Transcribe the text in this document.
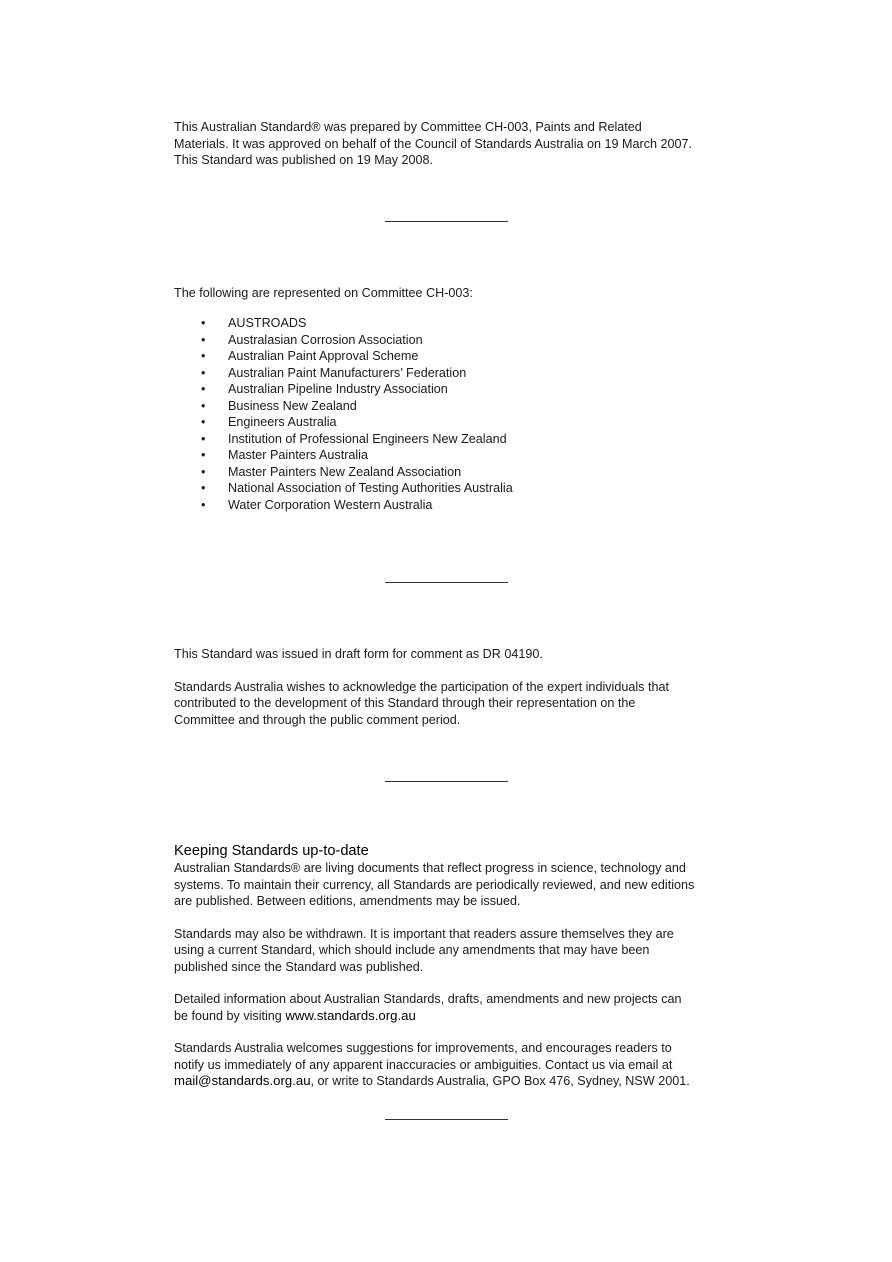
This Australian Standard® was prepared by Committee CH-003, Paints and Related

Materials. It was approved on behalf of the Council of Standards Australia on 19 March 2007.

This Standard was published on 19 May 2008.

The following are represented on Committee CH-003:

• AUSTROADS
• Australasian Corrosion Association
• Australian Paint Approval Scheme
• Australian Paint Manufacturers’ Federation
• Australian Pipeline Industry Association
• Business New Zealand
• Engineers Australia
• Institution of Professional Engineers New Zealand
• Master Painters Australia
• Master Painters New Zealand Association
• National Association of Testing Authorities Australia
• Water Corporation Western Australia

This Standard was issued in draft form for comment as DR 04190.

Standards Australia wishes to acknowledge the participation of the expert individuals that

contributed to the development of this Standard through their representation on the

Committee and through the public comment period.

Keeping Standards up-to-date

Australian Standards® are living documents that reflect progress in science, technology and

systems. To maintain their currency, all Standards are periodically reviewed, and new editions

are published. Between editions, amendments may be issued.

Standards may also be withdrawn. It is important that readers assure themselves they are

using a current Standard, which should include any amendments that may have been

published since the Standard was published.

Detailed information about Australian Standards, drafts, amendments and new projects can

be found by visiting www.standards.org.au

Standards Australia welcomes suggestions for improvements, and encourages readers to

notify us immediately of any apparent inaccuracies or ambiguities. Contact us via email at

mail@standards.org.au, or write to Standards Australia, GPO Box 476, Sydney, NSW 2001.
